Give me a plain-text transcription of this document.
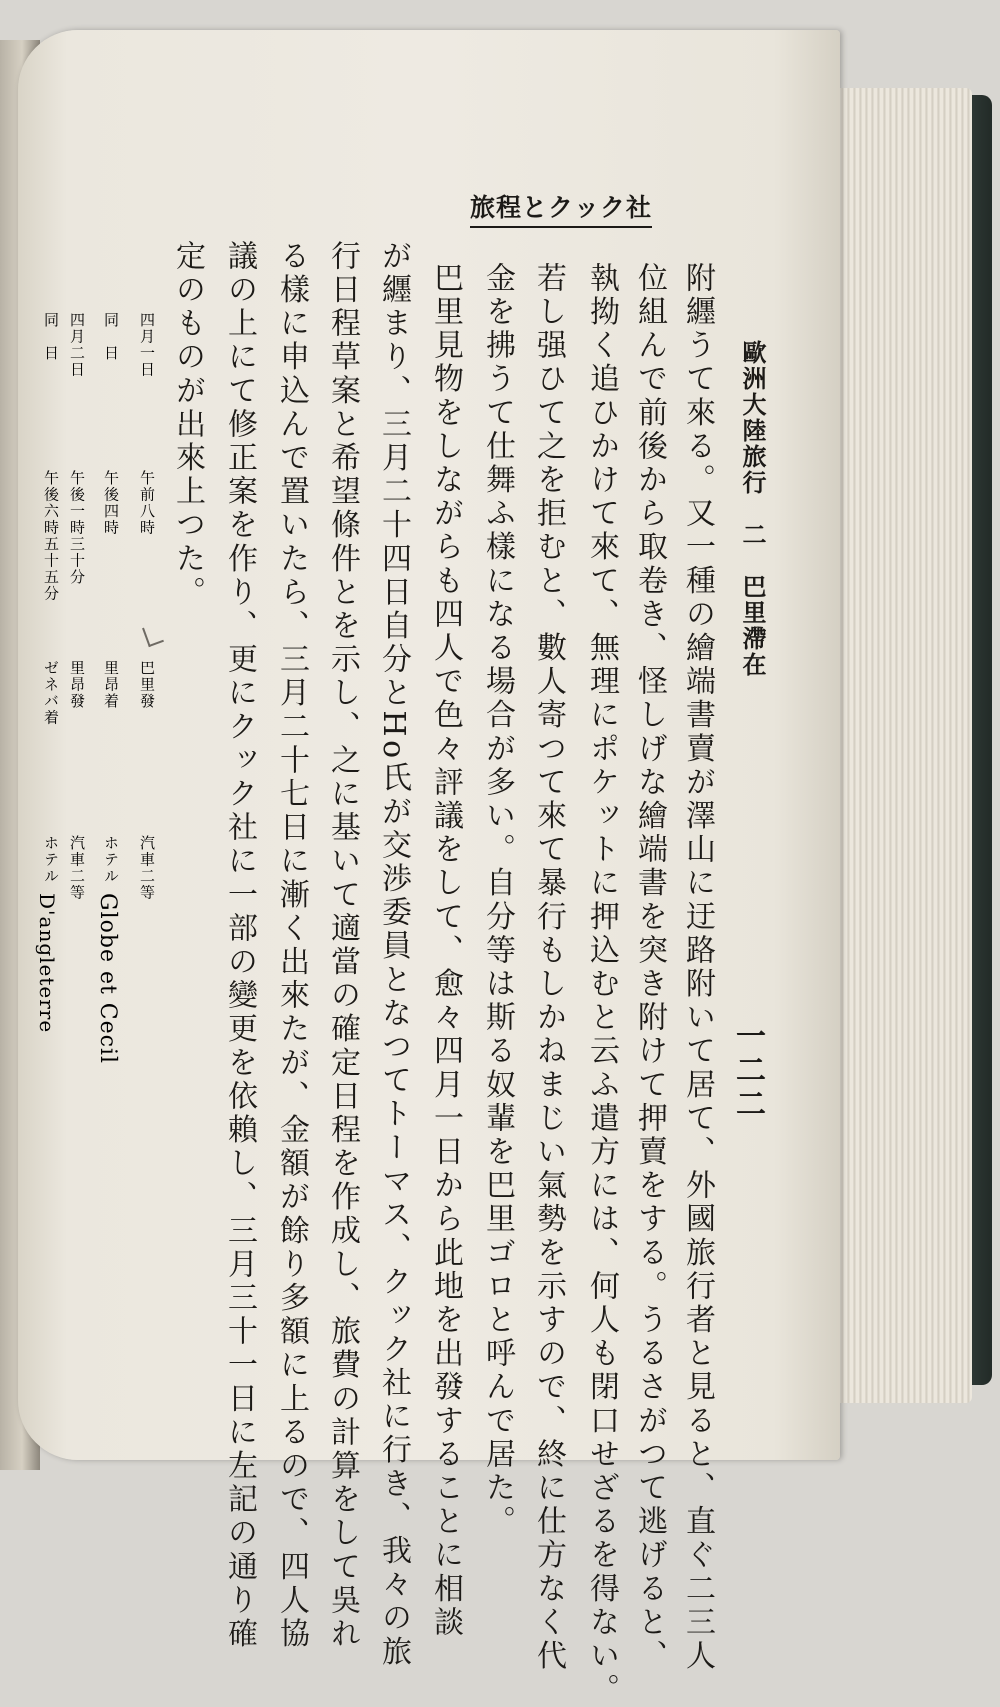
歐洲大陸旅行　二　巴里滯在
一二二
附纒うて來る。又一種の繪端書賣が澤山に迂路附いて居て、外國旅行者と見ると、直ぐ二三人
位組んで前後から取卷き、怪しげな繪端書を突き附けて押賣をする。うるさがつて逃げると、
執拗く追ひかけて來て、無理にポケットに押込むと云ふ遣方には、何人も閉口せざるを得ない。
若し强ひて之を拒むと、數人寄つて來て暴行もしかねまじい氣勢を示すので、終に仕方なく代
金を拂うて仕舞ふ樣になる場合が多い。自分等は斯る奴輩を巴里ゴロと呼んで居た。
旅程とクック社
巴里見物をしながらも四人で色々評議をして、愈々四月一日から此地を出發することに相談
が纒まり、三月二十四日自分とHo氏が交渉委員となつてトーマス、クック社に行き、我々の旅
行日程草案と希望條件とを示し、之に基いて適當の確定日程を作成し、旅費の計算をして吳れ
る樣に申込んで置いたら、三月二十七日に漸く出來たが、金額が餘り多額に上るので、四人協
議の上にて修正案を作り、更にクック社に一部の變更を依賴し、三月三十一日に左記の通り確
定のものが出來上つた。
四月一日
午前八時
巴里發
汽車二等
同　日
午後四時
里昂着
ホテル
Globe et Cecil
四月二日
午後一時三十分
里昂發
汽車二等
同　日
午後六時五十五分
ゼネバ着
ホテル
D'angleterre
